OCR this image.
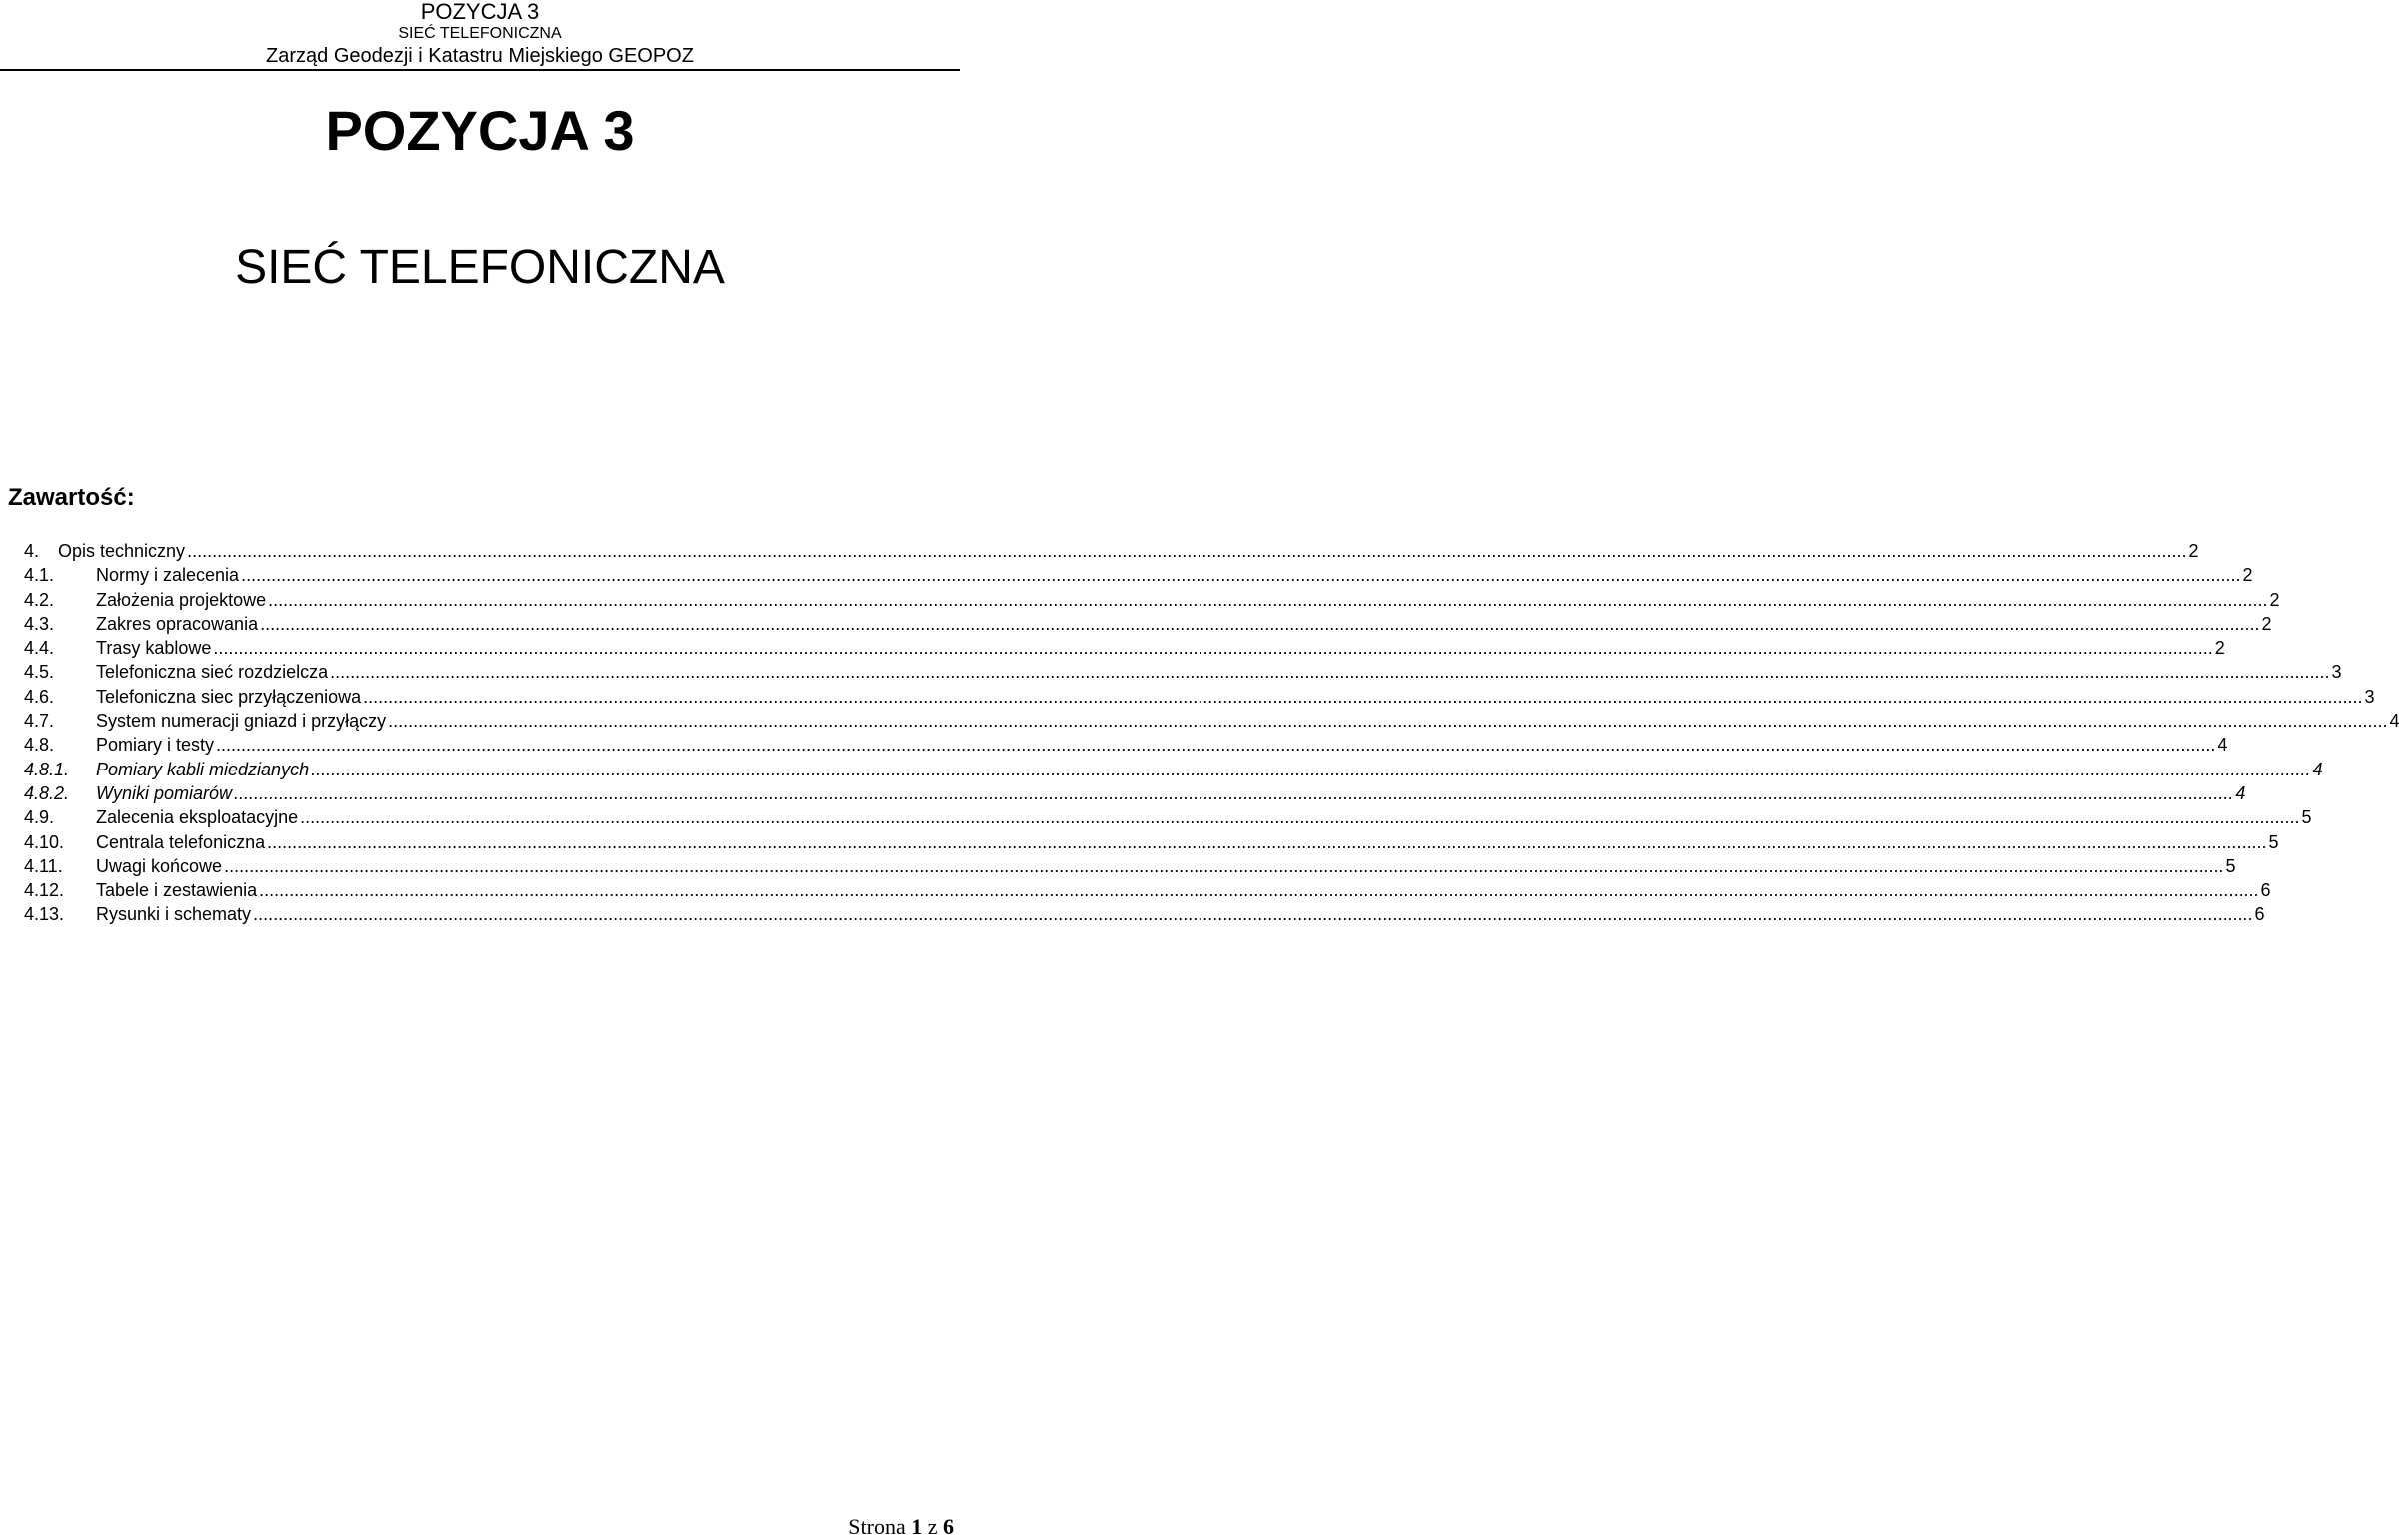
POZYCJA 3
SIEĆ TELEFONICZNA
Zarząd Geodezji i Katastru Miejskiego GEOPOZ
POZYCJA 3
SIEĆ TELEFONICZNA
Zawartość:
4.	Opis techniczny ................................................................................................................................................................................................................................................................................................................................................................................................................ 2
4.1.	Normy i zalecenia ................................................................................................................................................................................................................................................................................................................................................................................................................ 2
4.2.	Założenia projektowe ................................................................................................................................................................................................................................................................................................................................................................................................................ 2
4.3.	Zakres opracowania ................................................................................................................................................................................................................................................................................................................................................................................................................ 2
4.4.	Trasy kablowe ................................................................................................................................................................................................................................................................................................................................................................................................................ 2
4.5.	Telefoniczna sieć rozdzielcza ................................................................................................................................................................................................................................................................................................................................................................................................................ 3
4.6.	Telefoniczna siec przyłączeniowa ................................................................................................................................................................................................................................................................................................................................................................................................................ 3
4.7.	System numeracji gniazd i przyłączy ................................................................................................................................................................................................................................................................................................................................................................................................................ 4
4.8.	Pomiary i testy ................................................................................................................................................................................................................................................................................................................................................................................................................ 4
4.8.1.	Pomiary kabli miedzianych ................................................................................................................................................................................................................................................................................................................................................................................................................ 4
4.8.2.	Wyniki pomiarów ................................................................................................................................................................................................................................................................................................................................................................................................................ 4
4.9.	Zalecenia eksploatacyjne ................................................................................................................................................................................................................................................................................................................................................................................................................ 5
4.10.	Centrala telefoniczna ................................................................................................................................................................................................................................................................................................................................................................................................................ 5
4.11.	Uwagi końcowe ................................................................................................................................................................................................................................................................................................................................................................................................................ 5
4.12.	Tabele i zestawienia ................................................................................................................................................................................................................................................................................................................................................................................................................ 6
4.13.	Rysunki i schematy ................................................................................................................................................................................................................................................................................................................................................................................................................ 6
Strona 1 z 6
